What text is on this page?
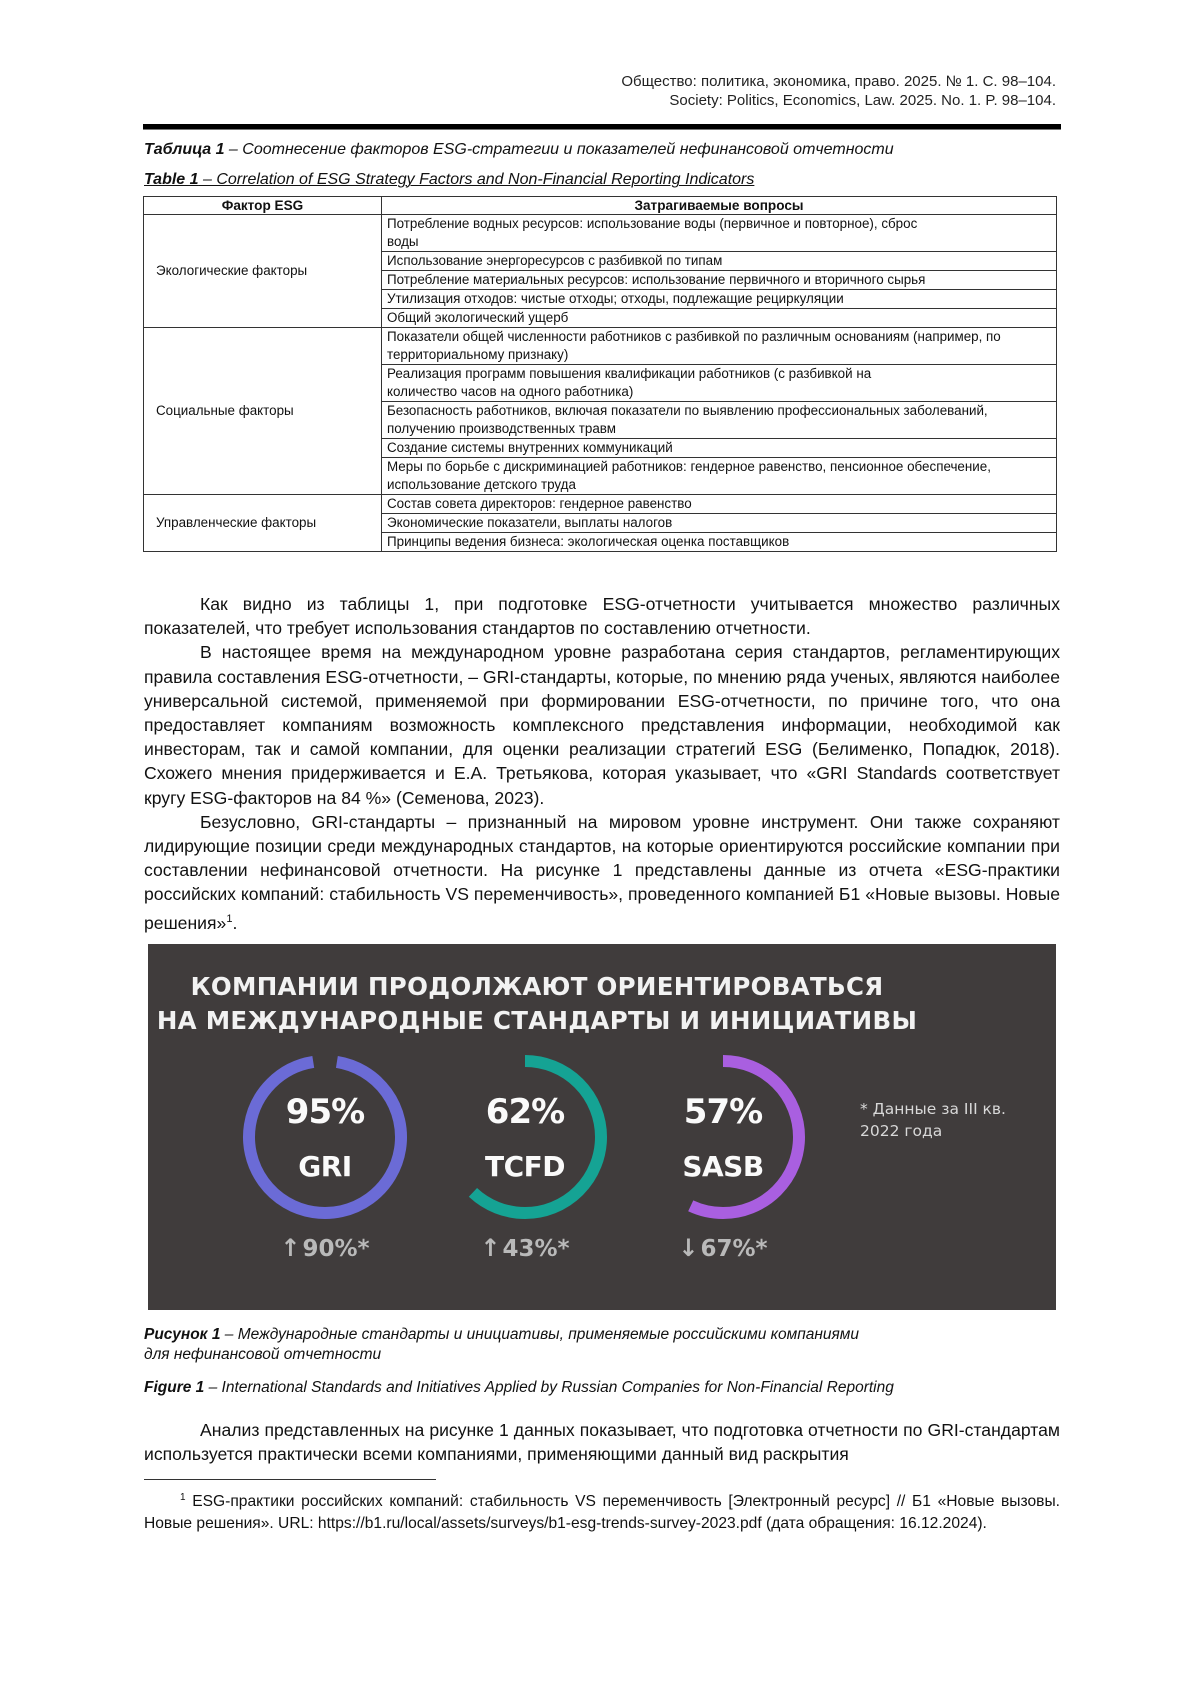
Общество: политика, экономика, право. 2025. № 1. С. 98–104.
Society: Politics, Economics, Law. 2025. No. 1. P. 98–104.
Таблица 1 – Соотнесение факторов ESG-стратегии и показателей нефинансовой отчетности
Table 1 – Correlation of ESG Strategy Factors and Non-Financial Reporting Indicators
Фактор ESG	Затрагиваемые вопросы
Экологические факторы	Потребление водных ресурсов: использование воды (первичное и повторное), сброс воды
	Использование энергоресурсов с разбивкой по типам
	Потребление материальных ресурсов: использование первичного и вторичного сырья
	Утилизация отходов: чистые отходы; отходы, подлежащие рециркуляции
	Общий экологический ущерб
Социальные факторы	Показатели общей численности работников с разбивкой по различным основаниям (например, по территориальному признаку)
	Реализация программ повышения квалификации работников (с разбивкой на количество часов на одного работника)
	Безопасность работников, включая показатели по выявлению профессиональных заболеваний, получению производственных травм
	Создание системы внутренних коммуникаций
	Меры по борьбе с дискриминацией работников: гендерное равенство, пенсионное обеспечение, использование детского труда
Управленческие факторы	Состав совета директоров: гендерное равенство
	Экономические показатели, выплаты налогов
	Принципы ведения бизнеса: экологическая оценка поставщиков

Как видно из таблицы 1, при подготовке ESG-отчетности учитывается множество различных показателей, что требует использования стандартов по составлению отчетности.

В настоящее время на международном уровне разработана серия стандартов, регламентирующих правила составления ESG-отчетности, – GRI-стандарты, которые, по мнению ряда ученых, являются наиболее универсальной системой, применяемой при формировании ESG-отчетности, по причине того, что она предоставляет компаниям возможность комплексного представления информации, необходимой как инвесторам, так и самой компании, для оценки реализации стратегий ESG (Белименко, Попадюк, 2018). Схожего мнения придерживается и Е.А. Третьякова, которая указывает, что «GRI Standards соответствует кругу ESG-факторов на 84 %» (Семенова, 2023).

Безусловно, GRI-стандарты – признанный на мировом уровне инструмент. Они также сохраняют лидирующие позиции среди международных стандартов, на которые ориентируются российские компании при составлении нефинансовой отчетности. На рисунке 1 представлены данные из отчета «ESG-практики российских компаний: стабильность VS переменчивость», проведенного компанией Б1 «Новые вызовы. Новые решения»$^1$.

КОМПАНИИ ПРОДОЛЖАЮТ ОРИЕНТИРОВАТЬСЯ
НА МЕЖДУНАРОДНЫЕ СТАНДАРТЫ И ИНИЦИАТИВЫ
95%
GRI
↑90%*
62%
TCFD
↑43%*
57%
SASB
↓67%*
* Данные за III кв.
2022 года
Рисунок 1 – Международные стандарты и инициативы, применяемые российскими компаниями
для нефинансовой отчетности
Figure 1 – International Standards and Initiatives Applied by Russian Companies for Non-Financial Reporting

Анализ представленных на рисунке 1 данных показывает, что подготовка отчетности по GRI-стандартам используется практически всеми компаниями, применяющими данный вид раскрытия

$^1$ ESG-практики российских компаний: стабильность VS переменчивость [Электронный ресурс] // Б1 «Новые вызовы. Новые решения». URL: https://b1.ru/local/assets/surveys/b1-esg-trends-survey-2023.pdf (дата обращения: 16.12.2024).
